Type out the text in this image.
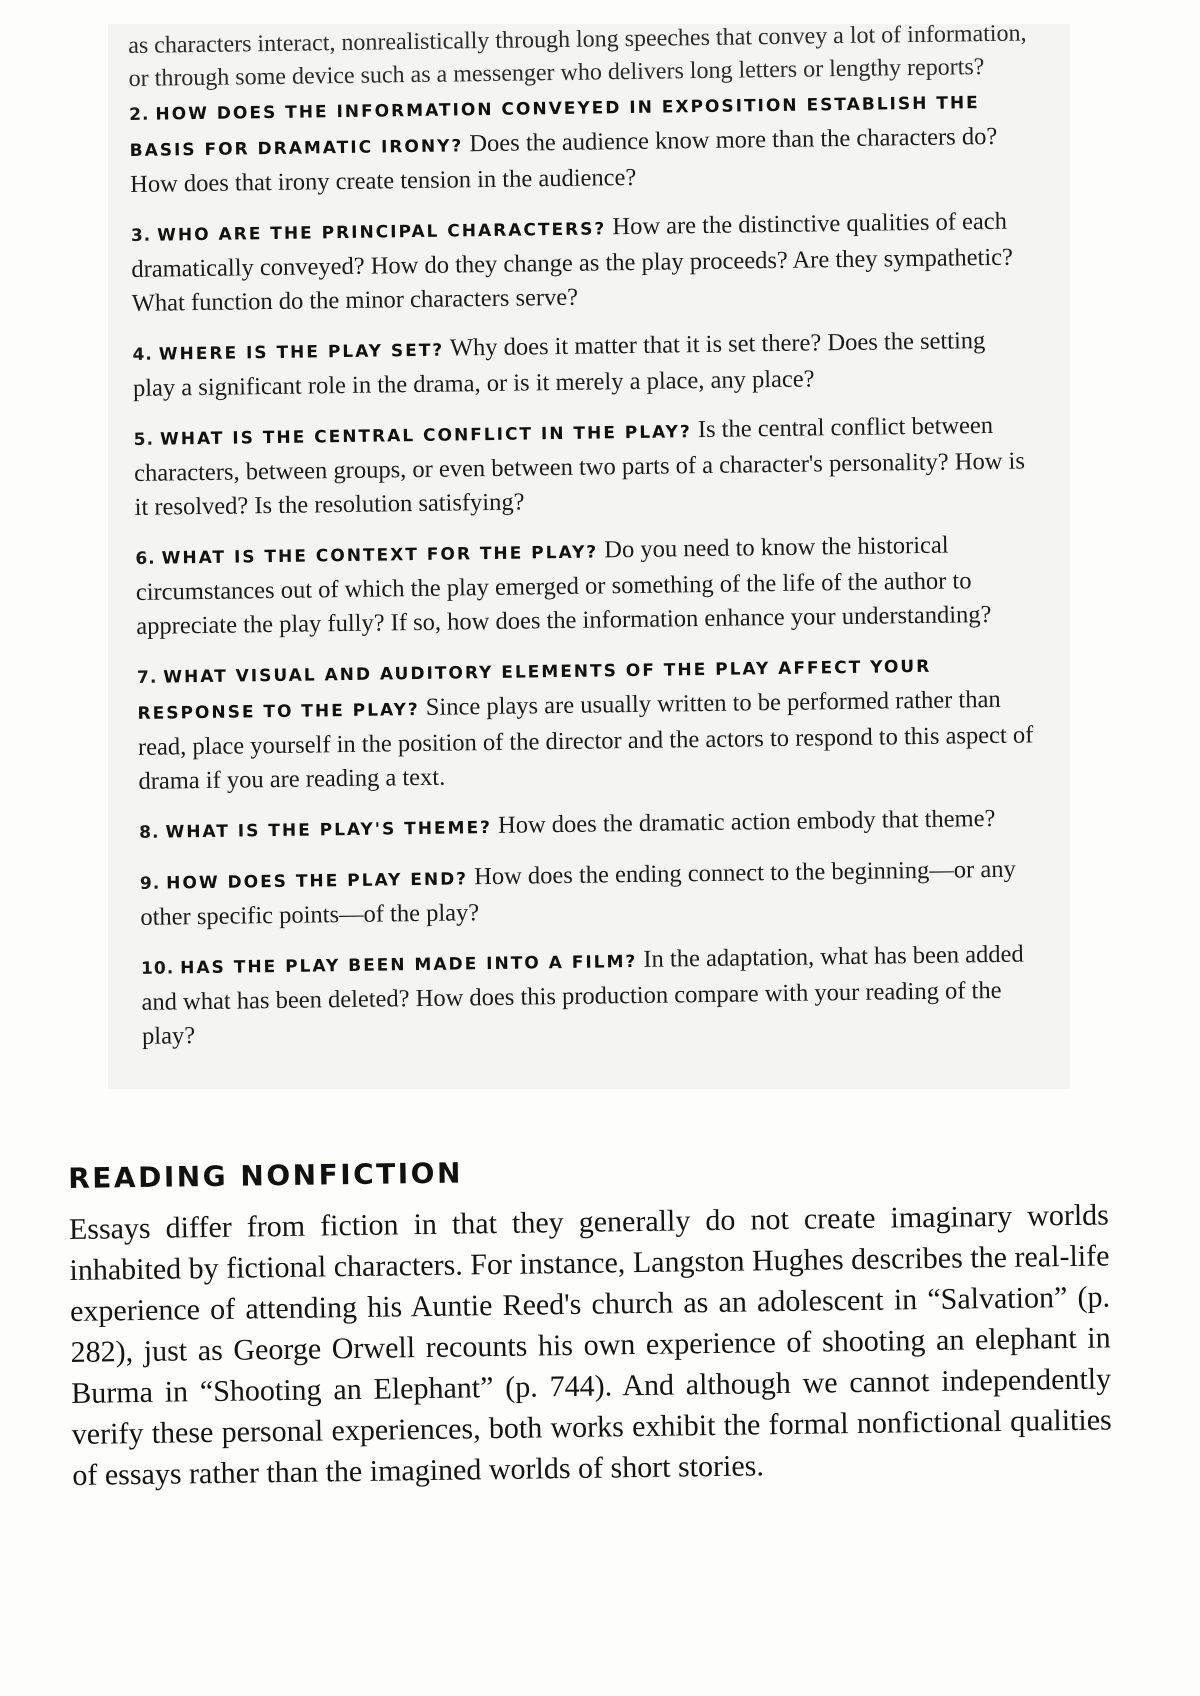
as characters interact, nonrealistically through long speeches that convey a lot of information, or through some device such as a messenger who delivers long letters or lengthy reports?
2. HOW DOES THE INFORMATION CONVEYED IN EXPOSITION ESTABLISH THE BASIS FOR DRAMATIC IRONY? Does the audience know more than the characters do? How does that irony create tension in the audience?
3. WHO ARE THE PRINCIPAL CHARACTERS? How are the distinctive qualities of each dramatically conveyed? How do they change as the play proceeds? Are they sympathetic? What function do the minor characters serve?
4. WHERE IS THE PLAY SET? Why does it matter that it is set there? Does the setting play a significant role in the drama, or is it merely a place, any place?
5. WHAT IS THE CENTRAL CONFLICT IN THE PLAY? Is the central conflict between characters, between groups, or even between two parts of a character's personality? How is it resolved? Is the resolution satisfying?
6. WHAT IS THE CONTEXT FOR THE PLAY? Do you need to know the historical circumstances out of which the play emerged or something of the life of the author to appreciate the play fully? If so, how does the information enhance your understanding?
7. WHAT VISUAL AND AUDITORY ELEMENTS OF THE PLAY AFFECT YOUR RESPONSE TO THE PLAY? Since plays are usually written to be performed rather than read, place yourself in the position of the director and the actors to respond to this aspect of drama if you are reading a text.
8. WHAT IS THE PLAY'S THEME? How does the dramatic action embody that theme?
9. HOW DOES THE PLAY END? How does the ending connect to the beginning—or any other specific points—of the play?
10. HAS THE PLAY BEEN MADE INTO A FILM? In the adaptation, what has been added and what has been deleted? How does this production compare with your reading of the play?
READING NONFICTION

Essays differ from fiction in that they generally do not create imaginary worlds inhabited by fictional characters. For instance, Langston Hughes describes the real-life experience of attending his Auntie Reed's church as an adolescent in “Salvation” (p. 282), just as George Orwell recounts his own experience of shooting an elephant in Burma in “Shooting an Elephant” (p. 744). And although we cannot independently verify these personal experiences, both works exhibit the formal nonfictional qualities of essays rather than the imagined worlds of short stories.
